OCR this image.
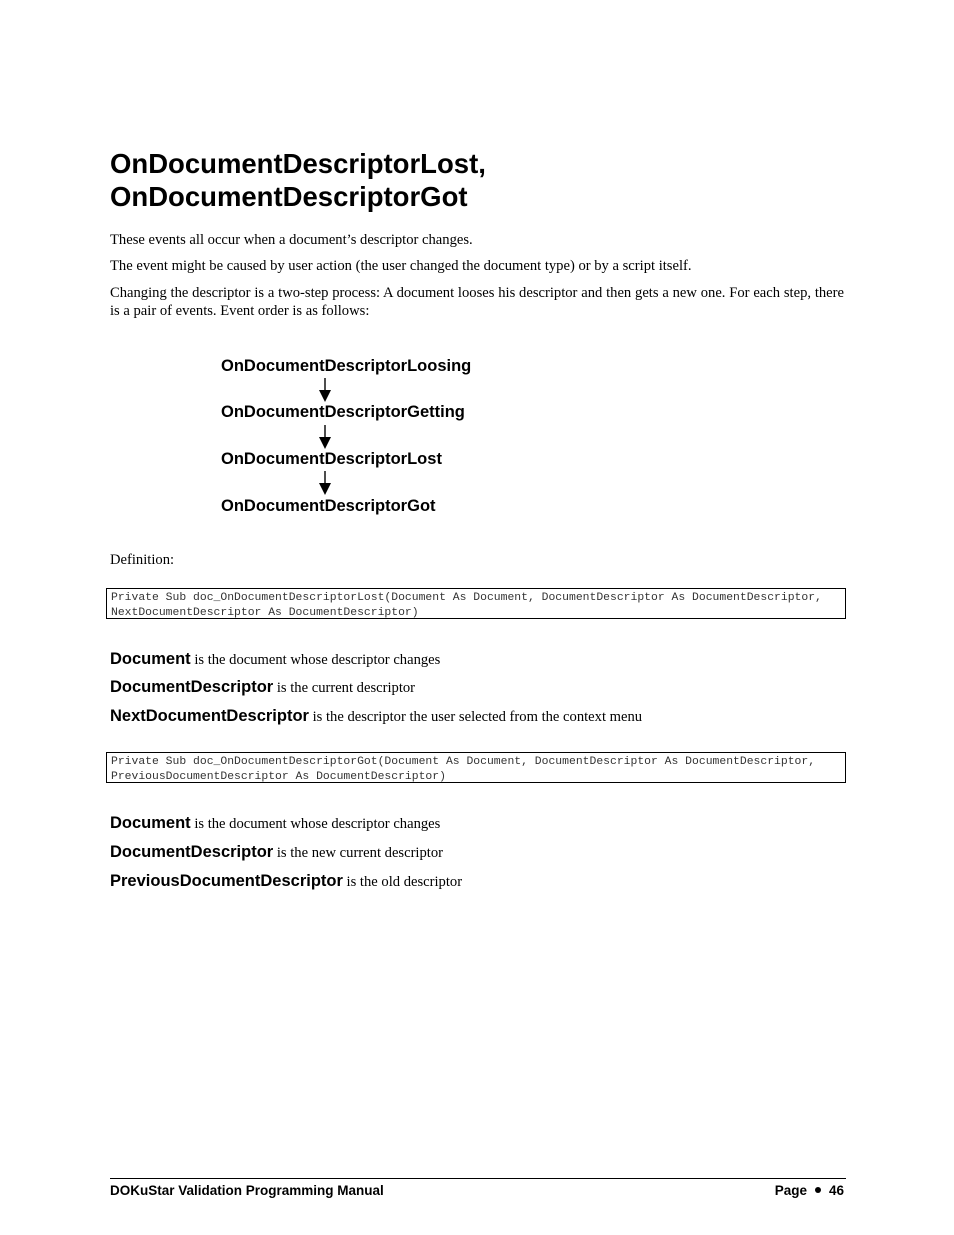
OnDocumentDescriptorLost,
OnDocumentDescriptorGot

These events all occur when a document’s descriptor changes.

The event might be caused by user action (the user changed the document type) or by a script itself.

Changing the descriptor is a two-step process: A document looses his descriptor and then gets a new one. For each step, there is a pair of events. Event order is as follows:

OnDocumentDescriptorLoosing

OnDocumentDescriptorGetting

OnDocumentDescriptorLost

OnDocumentDescriptorGot

Definition:

Private Sub doc_OnDocumentDescriptorLost(Document As Document, DocumentDescriptor As DocumentDescriptor, NextDocumentDescriptor As DocumentDescriptor)

Document is the document whose descriptor changes

DocumentDescriptor is the current descriptor

NextDocumentDescriptor is the descriptor the user selected from the context menu

Private Sub doc_OnDocumentDescriptorGot(Document As Document, DocumentDescriptor As DocumentDescriptor, PreviousDocumentDescriptor As DocumentDescriptor)

Document is the document whose descriptor changes

DocumentDescriptor is the new current descriptor

PreviousDocumentDescriptor is the old descriptor

DOKuStar Validation Programming Manual	Page 46
